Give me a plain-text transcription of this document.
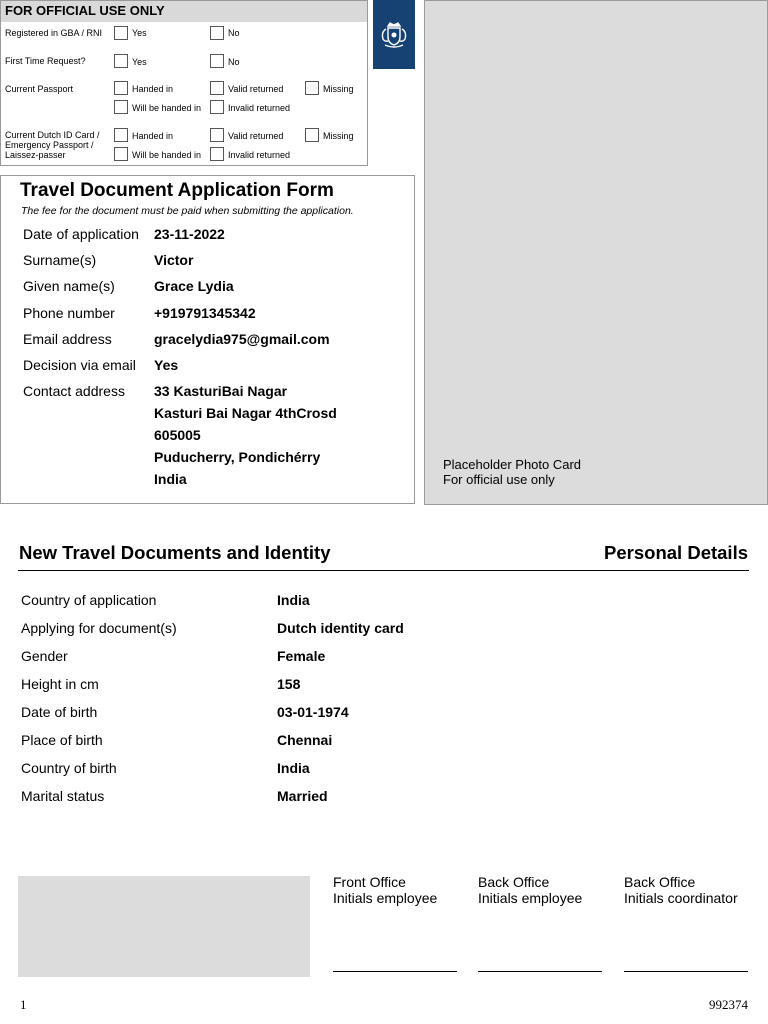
FOR OFFICIAL USE ONLY
Registered in GBA / RNI	Yes	No
First Time Request?	Yes	No
Current Passport	Handed in	Valid returned	Missing
Will be handed in	Invalid returned
Current Dutch ID Card / Emergency Passport / Laissez-passer
Handed in	Valid returned	Missing
Will be handed in	Invalid returned
Travel Document Application Form
The fee for the document must be paid when submitting the application.
Date of application 23-11-2022
Surname(s)	Victor
Given name(s)	Grace Lydia
Phone number	+919791345342
Email address	gracelydia975@gmail.com
Decision via email Yes
Contact address 33 KasturiBai Nagar
Kasturi Bai Nagar 4thCrosd
605005
Puducherry, Pondichérry
India
Placeholder Photo Card
For official use only
New Travel Documents and Identity	Personal Details
Country of application	India
Applying for document(s)	Dutch identity card
Gender	Female
Height in cm	158
Date of birth	03-01-1974
Place of birth	Chennai
Country of birth	India
Marital status	Married
Front Office
Initials employee
Back Office
Initials employee
Back Office
Initials coordinator
1	992374
